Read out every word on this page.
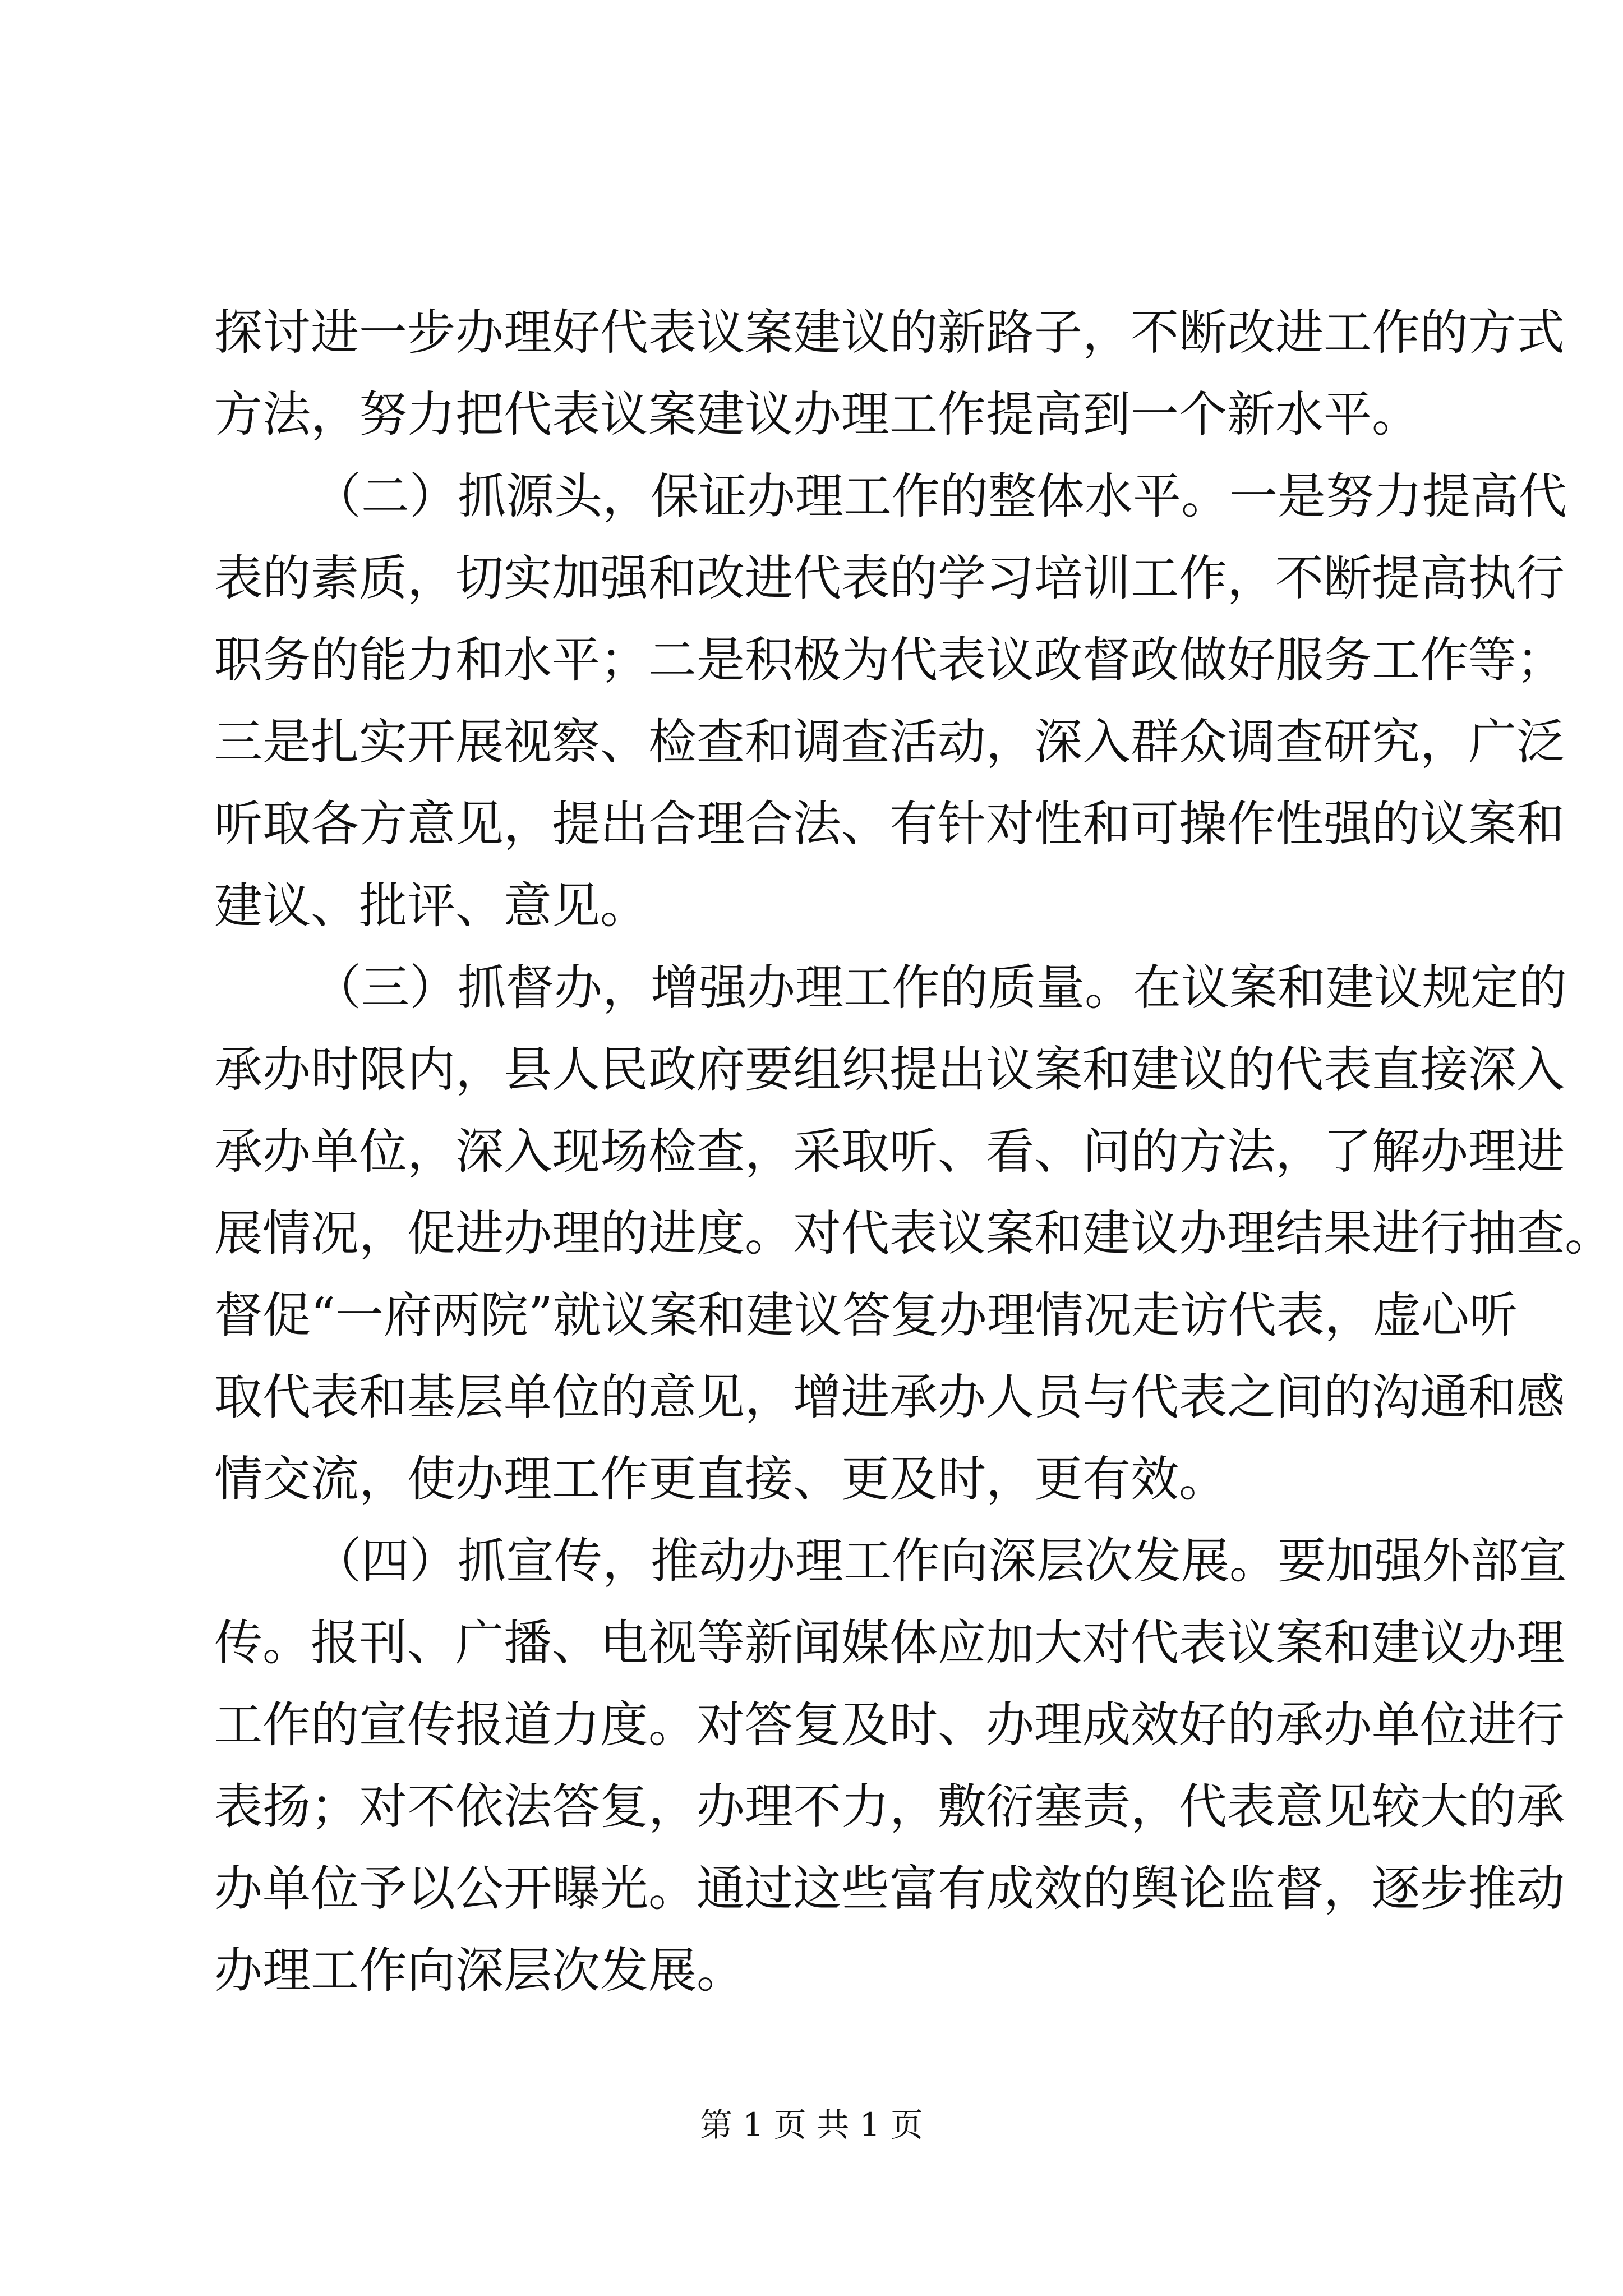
探讨进一步办理好代表议案建议的新路子，不断改进工作的方式
方法，努力把代表议案建议办理工作提高到一个新水平。
（二）抓源头，保证办理工作的整体水平。一是努力提高代
表的素质，切实加强和改进代表的学习培训工作，不断提高执行
职务的能力和水平；二是积极为代表议政督政做好服务工作等；
三是扎实开展视察、检查和调查活动，深入群众调查研究，广泛
听取各方意见，提出合理合法、有针对性和可操作性强的议案和
建议、批评、意见。
（三）抓督办，增强办理工作的质量。在议案和建议规定的
承办时限内，县人民政府要组织提出议案和建议的代表直接深入
承办单位，深入现场检查，采取听、看、问的方法，了解办理进
展情况，促进办理的进度。对代表议案和建议办理结果进行抽查。
督促“一府两院”就议案和建议答复办理情况走访代表，虚心听
取代表和基层单位的意见，增进承办人员与代表之间的沟通和感
情交流，使办理工作更直接、更及时，更有效。
（四）抓宣传，推动办理工作向深层次发展。要加强外部宣
传。报刊、广播、电视等新闻媒体应加大对代表议案和建议办理
工作的宣传报道力度。对答复及时、办理成效好的承办单位进行
表扬；对不依法答复，办理不力，敷衍塞责，代表意见较大的承
办单位予以公开曝光。通过这些富有成效的舆论监督，逐步推动
办理工作向深层次发展。
第 1 页 共 1 页
